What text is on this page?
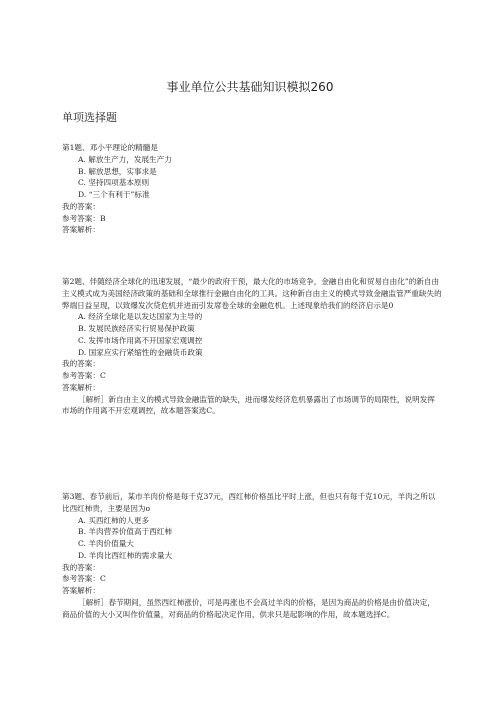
事业单位公共基础知识模拟260
单项选择题

第1题、邓小平理论的精髓是

A. 解放生产力，发展生产力

B. 解放思想，实事求是

C. 坚持四项基本原则

D. “三个有利于”标准

我的答案：

参考答案：B

答案解析：

第2题、伴随经济全球化的迅速发展，“最少的政府干预，最大化的市场竞争，金融自由化和贸易自由化”的新自由主义模式成为美国经济政策的基础和全球推行金融自由化的工具。这种新自由主义的模式导致金融监管严重缺失的弊端日益呈现，以致爆发次贷危机并进而引发席卷全球的金融危机。上述现象给我们的经济启示是0

A. 经济全球化是以发达国家为主导的

B. 发展民族经济实行贸易保护政策

C. 发挥市场作用离不开国家宏观调控

D. 国家应实行紧缩性的金融货币政策

我的答案：

参考答案：C

答案解析：

［解析］新自由主义的模式导致金融监管的缺失，进而爆发经济危机暴露出了市场调节的局限性，说明发挥市场的作用离不开宏观调控，故本题答案选C。

第3题、春节前后，某市羊肉价格是每千克37元，西红柿价格虽比平时上涨，但也只有每千克10元，羊肉之所以比西红柿贵，主要是因为o

A. 买西红柿的人更多

B. 羊肉营养价值高于西红柿

C. 羊肉价值量大

D. 羊肉比西红柿的需求量大

我的答案：

参考答案：C

答案解析：

［解析］春节期间，虽然西红柿涨价，可是再涨也不会高过羊肉的价格，是因为商品的价格是由价值决定，商品价值的大小又叫作价值量，对商品的价格起决定作用，供求只是起影响的作用，故本题选择C。
